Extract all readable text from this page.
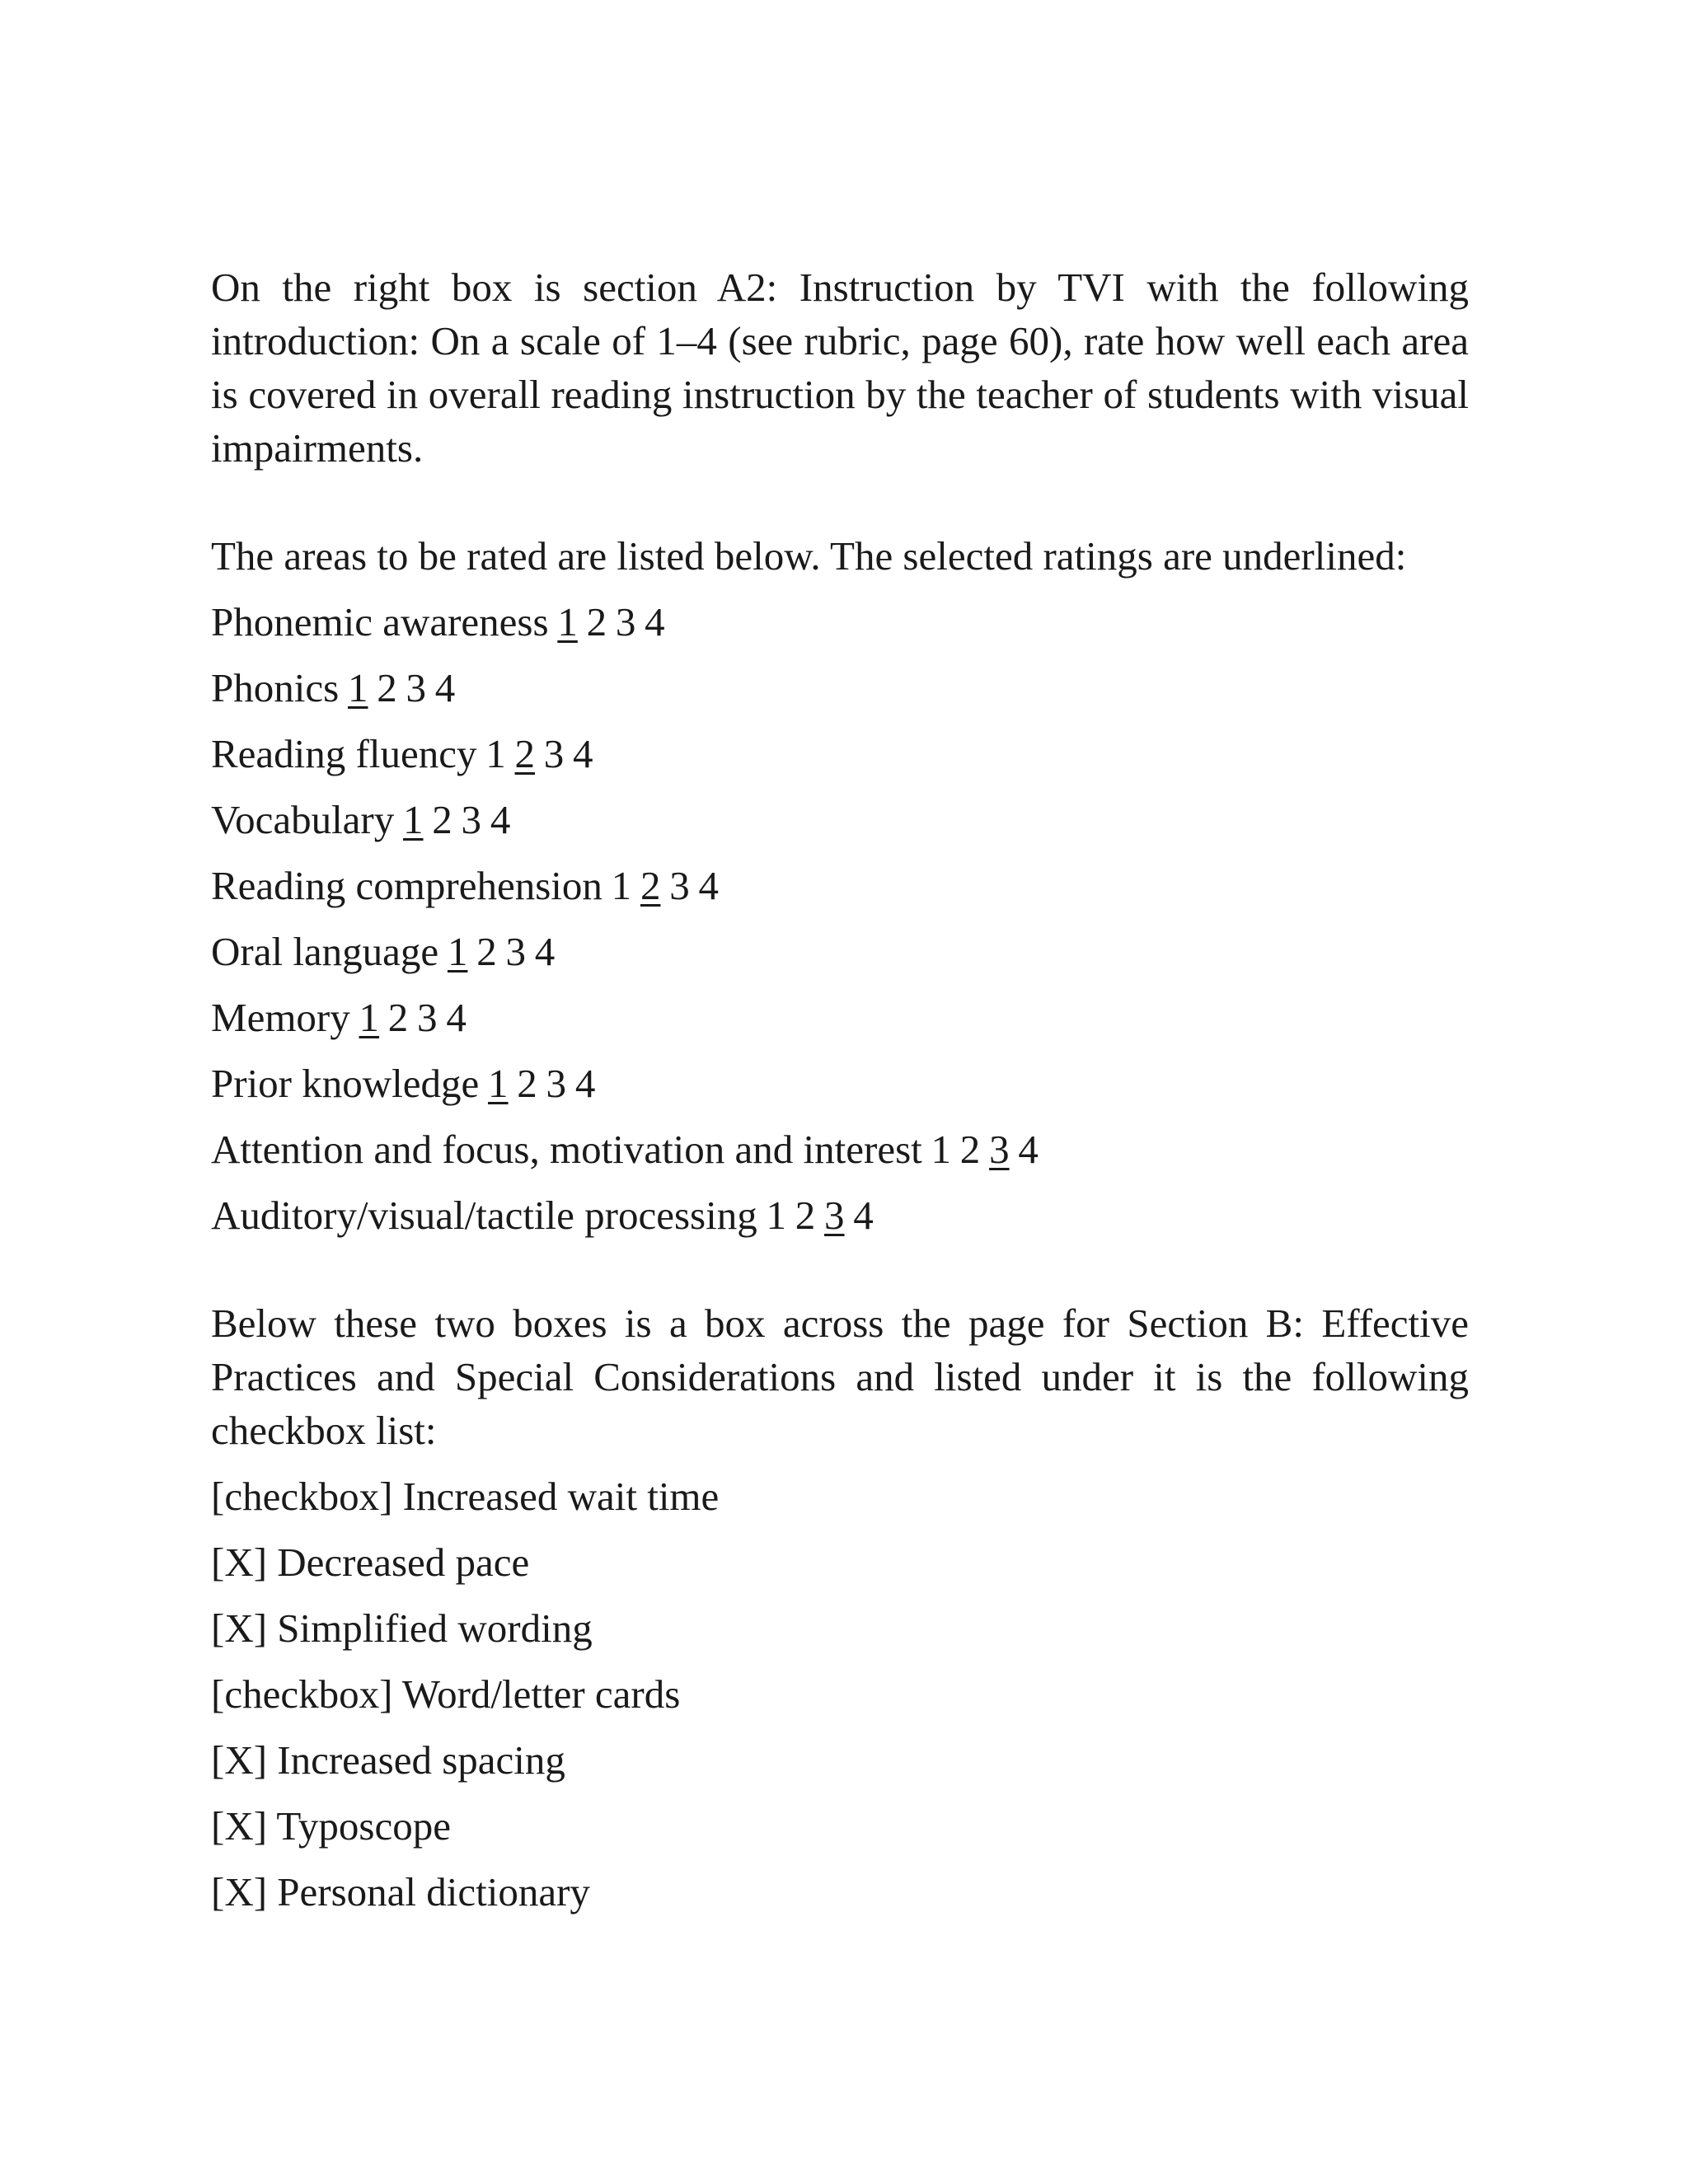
On the right box is section A2: Instruction by TVI with the following introduction: On a scale of 1–4 (see rubric, page 60), rate how well each area is covered in overall reading instruction by the teacher of students with visual impairments.

The areas to be rated are listed below. The selected ratings are underlined:

Phonemic awareness 1 2 3 4
Phonics 1 2 3 4
Reading fluency 1 2 3 4
Vocabulary 1 2 3 4
Reading comprehension 1 2 3 4
Oral language 1 2 3 4
Memory 1 2 3 4
Prior knowledge 1 2 3 4
Attention and focus, motivation and interest 1 2 3 4
Auditory/visual/tactile processing 1 2 3 4

Below these two boxes is a box across the page for Section B: Effective Practices and Special Considerations and listed under it is the following checkbox list:

[checkbox] Increased wait time
[X] Decreased pace
[X] Simplified wording
[checkbox] Word/letter cards
[X] Increased spacing
[X] Typoscope
[X] Personal dictionary
